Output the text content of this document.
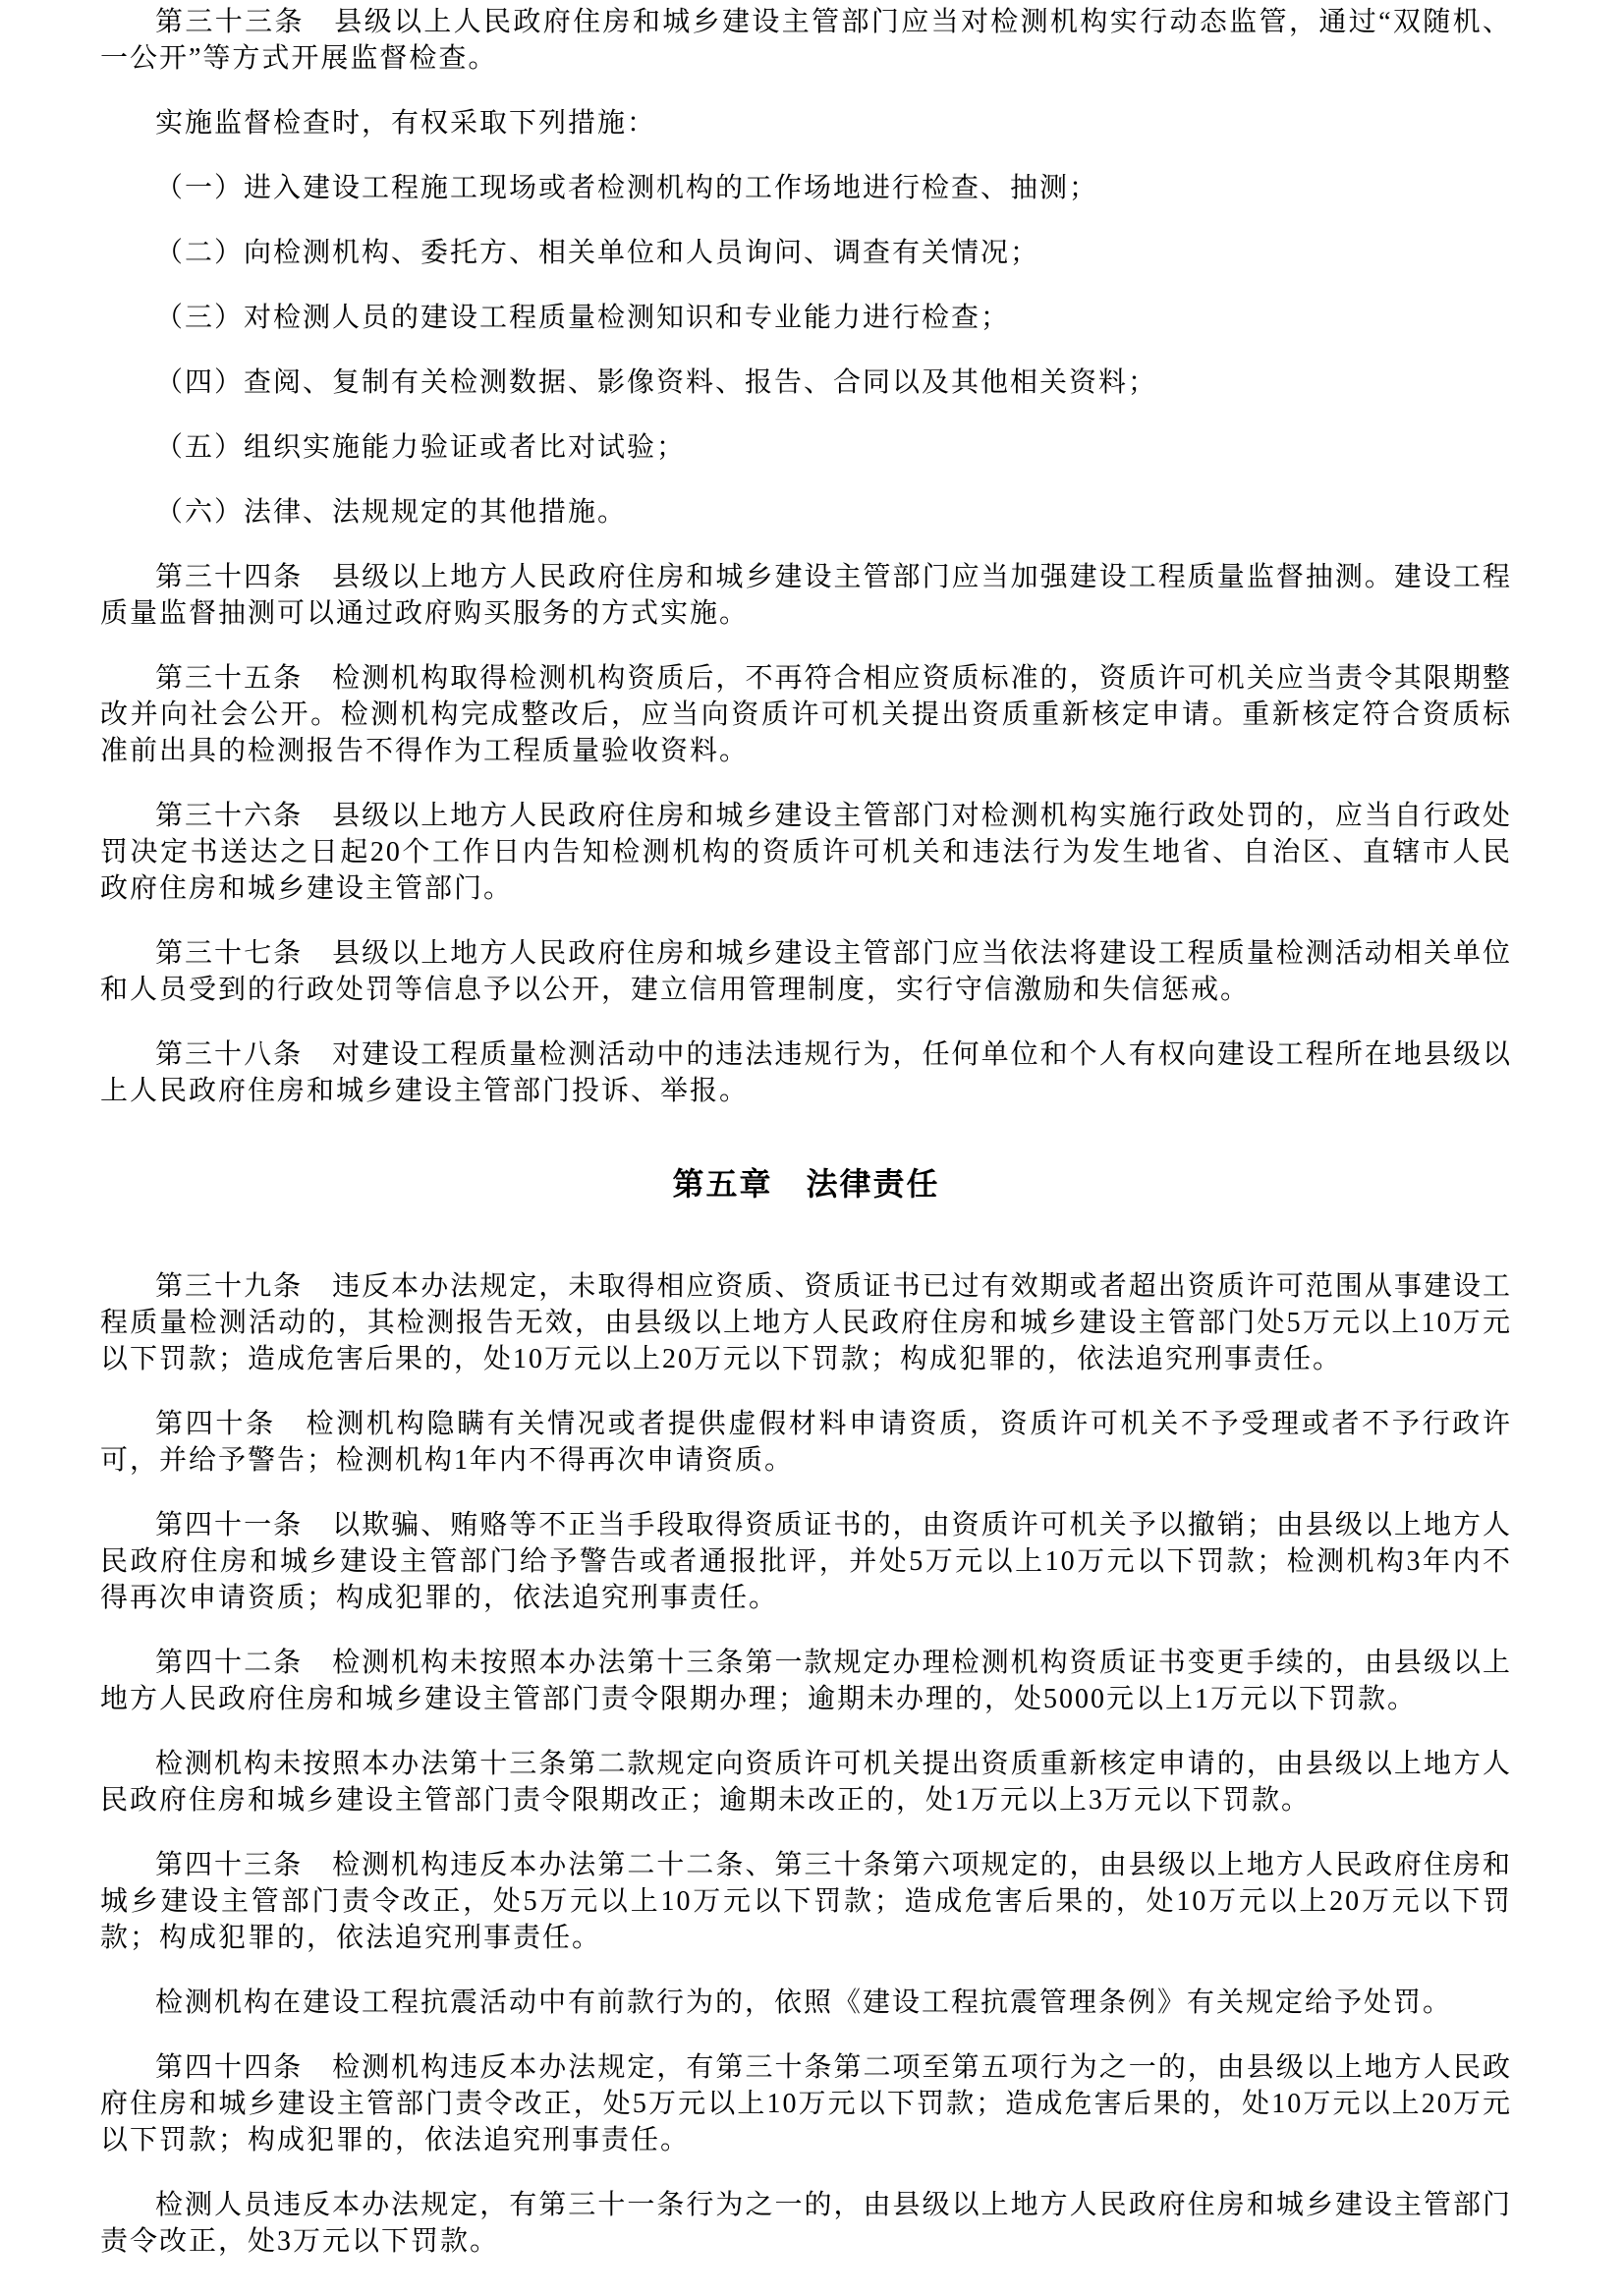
第三十三条　县级以上人民政府住房和城乡建设主管部门应当对检测机构实行动态监管，通过“双随机、一公开”等方式开展监督检查。

实施监督检查时，有权采取下列措施：

（一）进入建设工程施工现场或者检测机构的工作场地进行检查、抽测；

（二）向检测机构、委托方、相关单位和人员询问、调查有关情况；

（三）对检测人员的建设工程质量检测知识和专业能力进行检查；

（四）查阅、复制有关检测数据、影像资料、报告、合同以及其他相关资料；

（五）组织实施能力验证或者比对试验；

（六）法律、法规规定的其他措施。

第三十四条　县级以上地方人民政府住房和城乡建设主管部门应当加强建设工程质量监督抽测。建设工程质量监督抽测可以通过政府购买服务的方式实施。

第三十五条　检测机构取得检测机构资质后，不再符合相应资质标准的，资质许可机关应当责令其限期整改并向社会公开。检测机构完成整改后，应当向资质许可机关提出资质重新核定申请。重新核定符合资质标准前出具的检测报告不得作为工程质量验收资料。

第三十六条　县级以上地方人民政府住房和城乡建设主管部门对检测机构实施行政处罚的，应当自行政处罚决定书送达之日起20个工作日内告知检测机构的资质许可机关和违法行为发生地省、自治区、直辖市人民政府住房和城乡建设主管部门。

第三十七条　县级以上地方人民政府住房和城乡建设主管部门应当依法将建设工程质量检测活动相关单位和人员受到的行政处罚等信息予以公开，建立信用管理制度，实行守信激励和失信惩戒。

第三十八条　对建设工程质量检测活动中的违法违规行为，任何单位和个人有权向建设工程所在地县级以上人民政府住房和城乡建设主管部门投诉、举报。

第五章　法律责任

第三十九条　违反本办法规定，未取得相应资质、资质证书已过有效期或者超出资质许可范围从事建设工程质量检测活动的，其检测报告无效，由县级以上地方人民政府住房和城乡建设主管部门处5万元以上10万元以下罚款；造成危害后果的，处10万元以上20万元以下罚款；构成犯罪的，依法追究刑事责任。

第四十条　检测机构隐瞒有关情况或者提供虚假材料申请资质，资质许可机关不予受理或者不予行政许可，并给予警告；检测机构1年内不得再次申请资质。

第四十一条　以欺骗、贿赂等不正当手段取得资质证书的，由资质许可机关予以撤销；由县级以上地方人民政府住房和城乡建设主管部门给予警告或者通报批评，并处5万元以上10万元以下罚款；检测机构3年内不得再次申请资质；构成犯罪的，依法追究刑事责任。

第四十二条　检测机构未按照本办法第十三条第一款规定办理检测机构资质证书变更手续的，由县级以上地方人民政府住房和城乡建设主管部门责令限期办理；逾期未办理的，处5000元以上1万元以下罚款。

检测机构未按照本办法第十三条第二款规定向资质许可机关提出资质重新核定申请的，由县级以上地方人民政府住房和城乡建设主管部门责令限期改正；逾期未改正的，处1万元以上3万元以下罚款。

第四十三条　检测机构违反本办法第二十二条、第三十条第六项规定的，由县级以上地方人民政府住房和城乡建设主管部门责令改正，处5万元以上10万元以下罚款；造成危害后果的，处10万元以上20万元以下罚款；构成犯罪的，依法追究刑事责任。

检测机构在建设工程抗震活动中有前款行为的，依照《建设工程抗震管理条例》有关规定给予处罚。

第四十四条　检测机构违反本办法规定，有第三十条第二项至第五项行为之一的，由县级以上地方人民政府住房和城乡建设主管部门责令改正，处5万元以上10万元以下罚款；造成危害后果的，处10万元以上20万元以下罚款；构成犯罪的，依法追究刑事责任。

检测人员违反本办法规定，有第三十一条行为之一的，由县级以上地方人民政府住房和城乡建设主管部门责令改正，处3万元以下罚款。
